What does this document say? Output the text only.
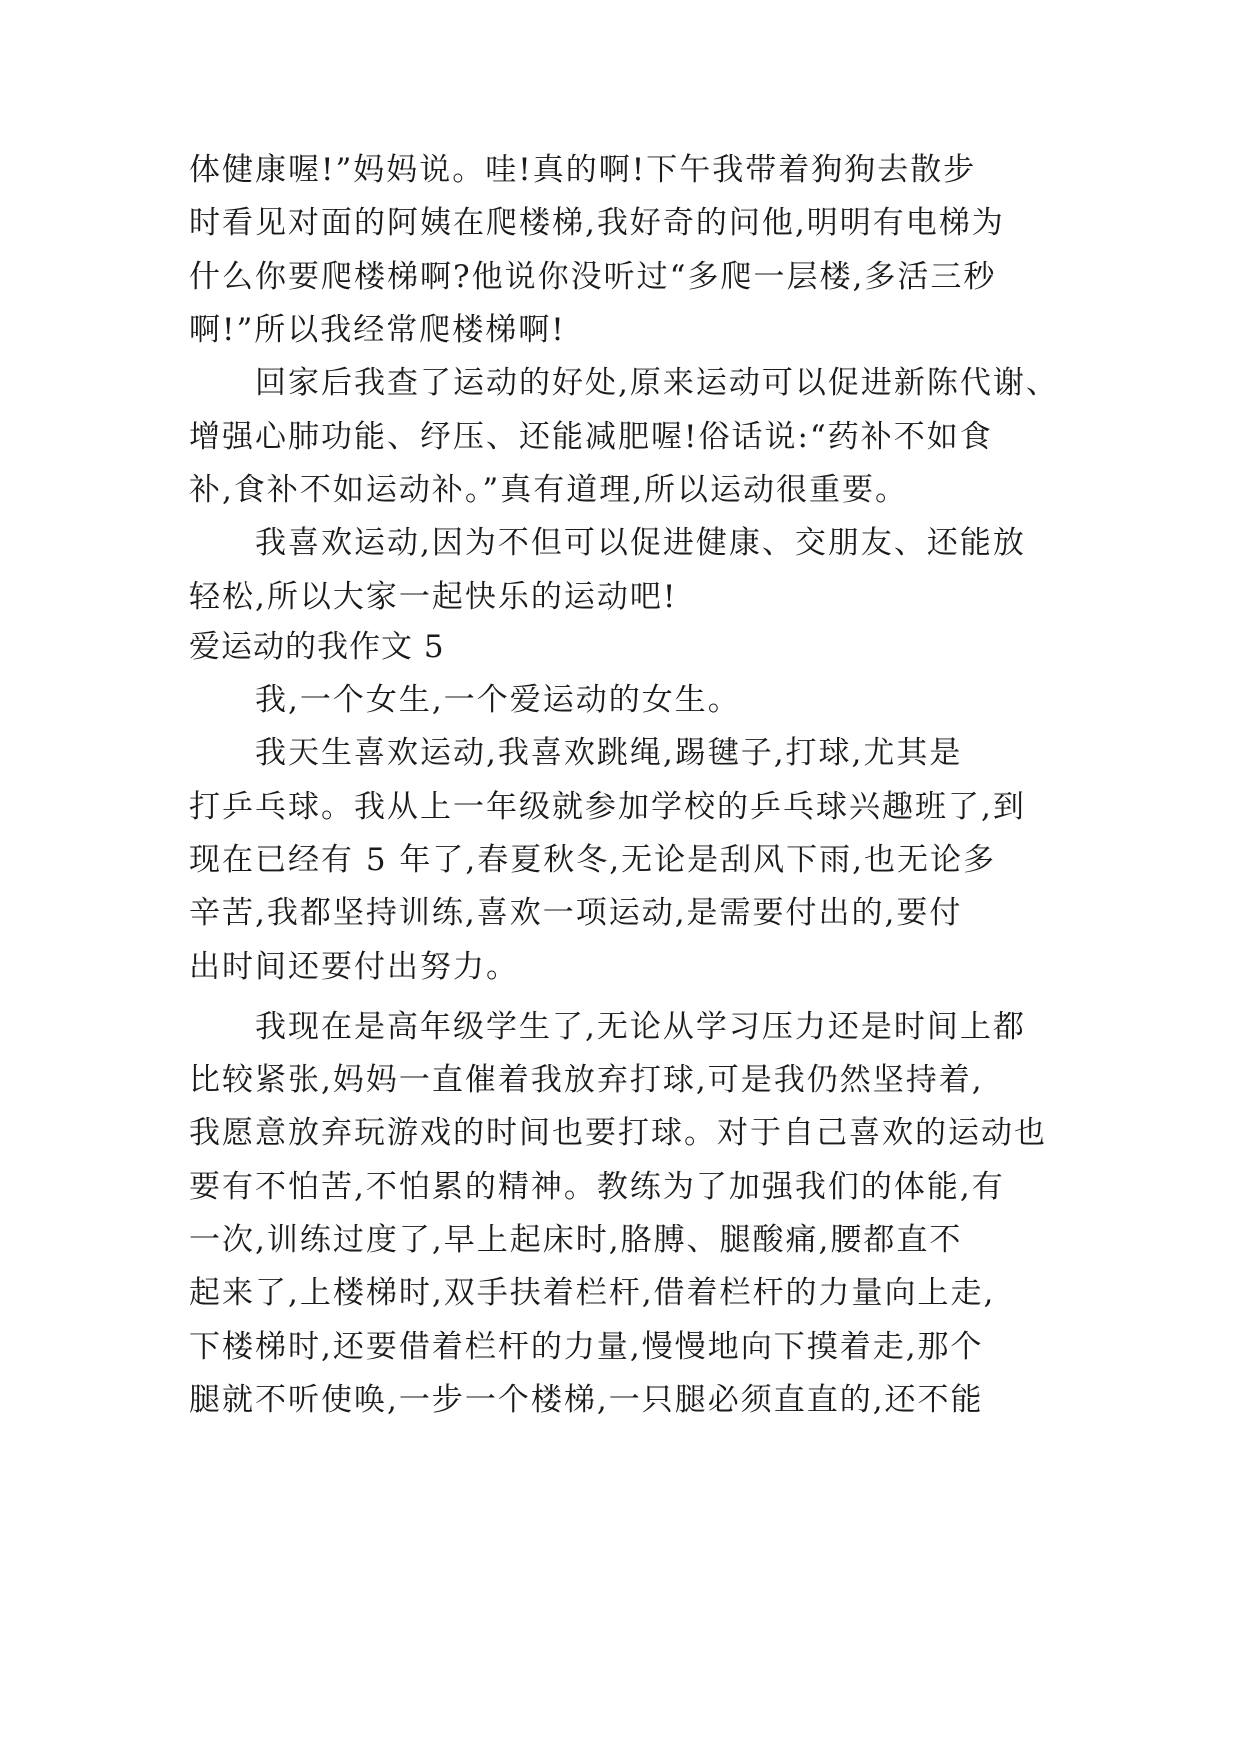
体健康喔!”妈妈说。哇!真的啊!下午我带着狗狗去散步
时看见对面的阿姨在爬楼梯,我好奇的问他,明明有电梯为
什么你要爬楼梯啊?他说你没听过“多爬一层楼,多活三秒
啊!”所以我经常爬楼梯啊!
回家后我查了运动的好处,原来运动可以促进新陈代谢、
增强心肺功能、纾压、还能减肥喔!俗话说:“药补不如食
补,食补不如运动补。”真有道理,所以运动很重要。
我喜欢运动,因为不但可以促进健康、交朋友、还能放
轻松,所以大家一起快乐的运动吧!
爱运动的我作文 5
我,一个女生,一个爱运动的女生。
我天生喜欢运动,我喜欢跳绳,踢毽子,打球,尤其是
打乒乓球。我从上一年级就参加学校的乒乓球兴趣班了,到
现在已经有 5 年了,春夏秋冬,无论是刮风下雨,也无论多
辛苦,我都坚持训练,喜欢一项运动,是需要付出的,要付
出时间还要付出努力。
我现在是高年级学生了,无论从学习压力还是时间上都
比较紧张,妈妈一直催着我放弃打球,可是我仍然坚持着,
我愿意放弃玩游戏的时间也要打球。对于自己喜欢的运动也
要有不怕苦,不怕累的精神。教练为了加强我们的体能,有
一次,训练过度了,早上起床时,胳膊、腿酸痛,腰都直不
起来了,上楼梯时,双手扶着栏杆,借着栏杆的力量向上走,
下楼梯时,还要借着栏杆的力量,慢慢地向下摸着走,那个
腿就不听使唤,一步一个楼梯,一只腿必须直直的,还不能
